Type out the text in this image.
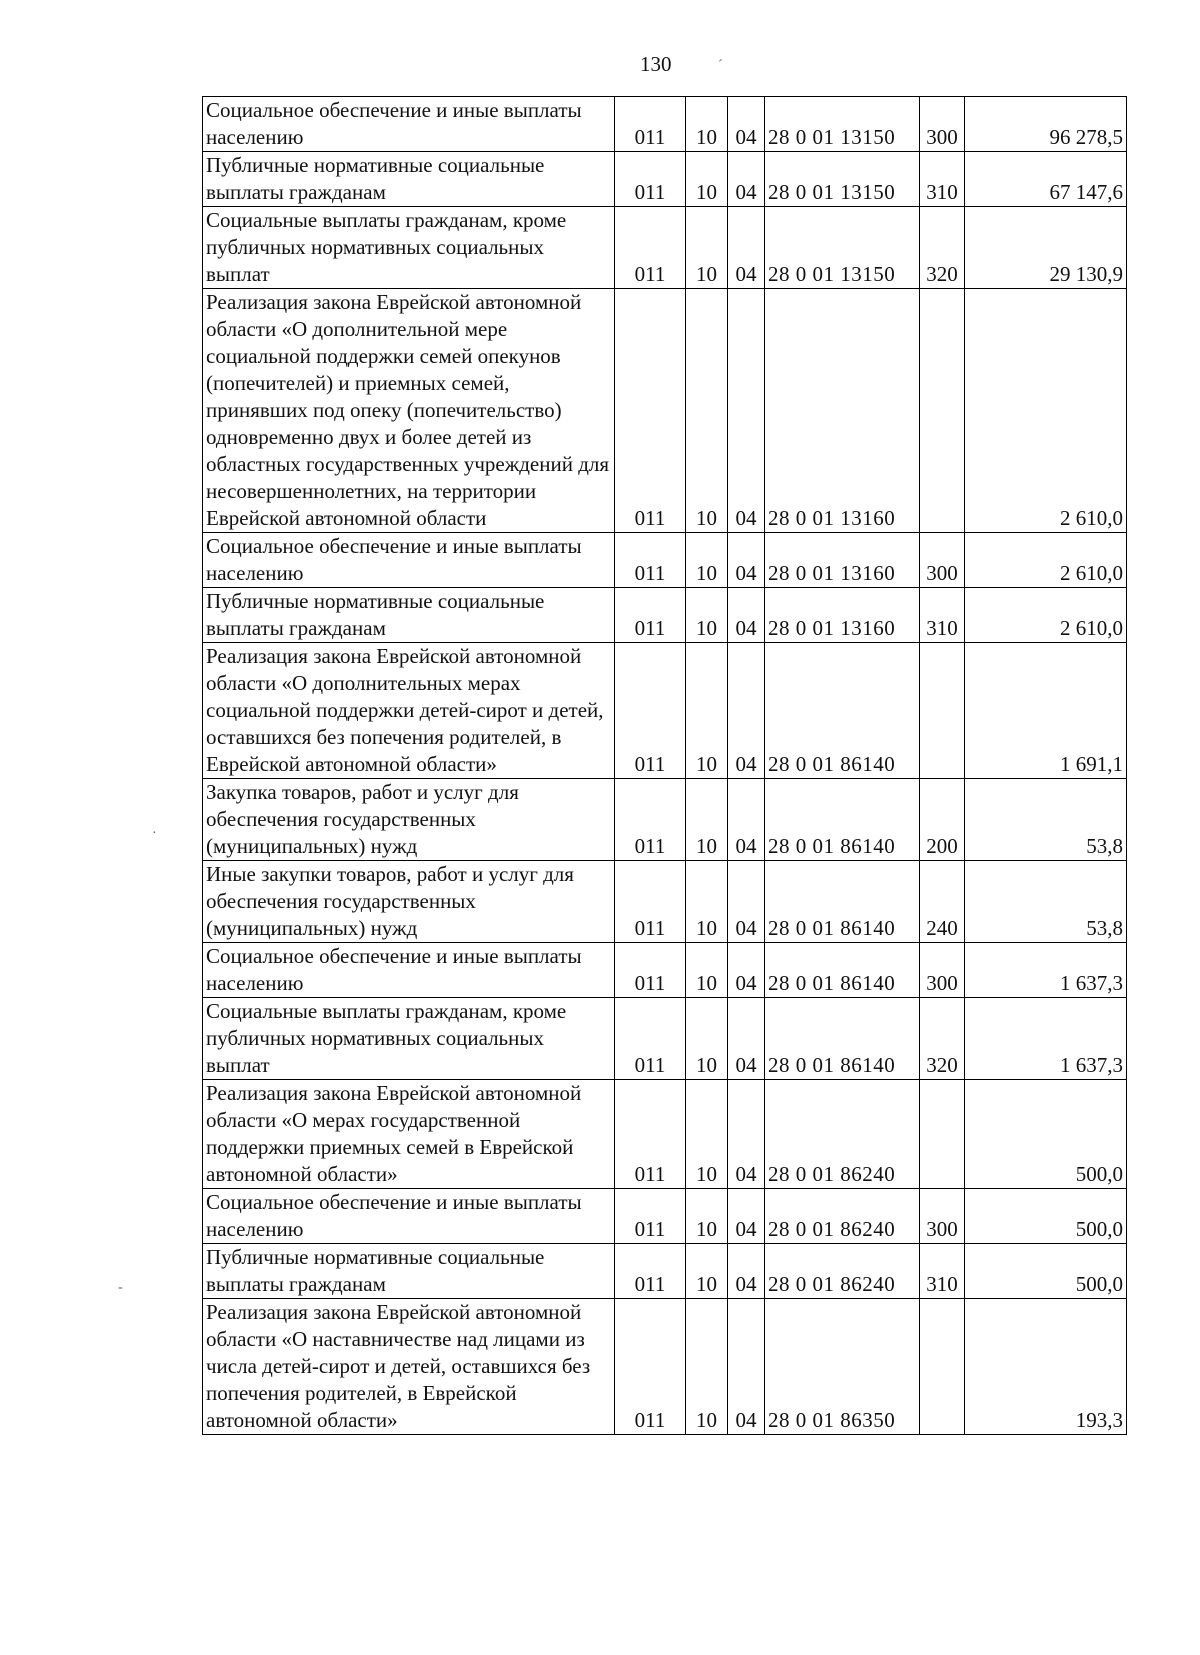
130	´
·
-
Социальное обеспечение и иные выплаты населению	011	10	04	28 0 01 13150	300	96 278,5
Публичные нормативные социальные выплаты гражданам	011	10	04	28 0 01 13150	310	67 147,6
Социальные выплаты гражданам, кроме публичных нормативных социальных выплат	011	10	04	28 0 01 13150	320	29 130,9
Реализация закона Еврейской автономной области «О дополнительной мере социальной поддержки семей опекунов (попечителей) и приемных семей, принявших под опеку (попечительство) одновременно двух и более детей из областных государственных учреждений для несовершеннолетних, на территории Еврейской автономной области	011	10	04	28 0 01 13160		2 610,0
Социальное обеспечение и иные выплаты населению	011	10	04	28 0 01 13160	300	2 610,0
Публичные нормативные социальные выплаты гражданам	011	10	04	28 0 01 13160	310	2 610,0
Реализация закона Еврейской автономной области «О дополнительных мерах социальной поддержки детей-сирот и детей, оставшихся без попечения родителей, в Еврейской автономной области»	011	10	04	28 0 01 86140		1 691,1
Закупка товаров, работ и услуг для обеспечения государственных (муниципальных) нужд	011	10	04	28 0 01 86140	200	53,8
Иные закупки товаров, работ и услуг для обеспечения государственных (муниципальных) нужд	011	10	04	28 0 01 86140	240	53,8
Социальное обеспечение и иные выплаты населению	011	10	04	28 0 01 86140	300	1 637,3
Социальные выплаты гражданам, кроме публичных нормативных социальных выплат	011	10	04	28 0 01 86140	320	1 637,3
Реализация закона Еврейской автономной области «О мерах государственной поддержки приемных семей в Еврейской автономной области»	011	10	04	28 0 01 86240		500,0
Социальное обеспечение и иные выплаты населению	011	10	04	28 0 01 86240	300	500,0
Публичные нормативные социальные выплаты гражданам	011	10	04	28 0 01 86240	310	500,0
Реализация закона Еврейской автономной области «О наставничестве над лицами из числа детей-сирот и детей, оставшихся без попечения родителей, в Еврейской автономной области»	011	10	04	28 0 01 86350		193,3
